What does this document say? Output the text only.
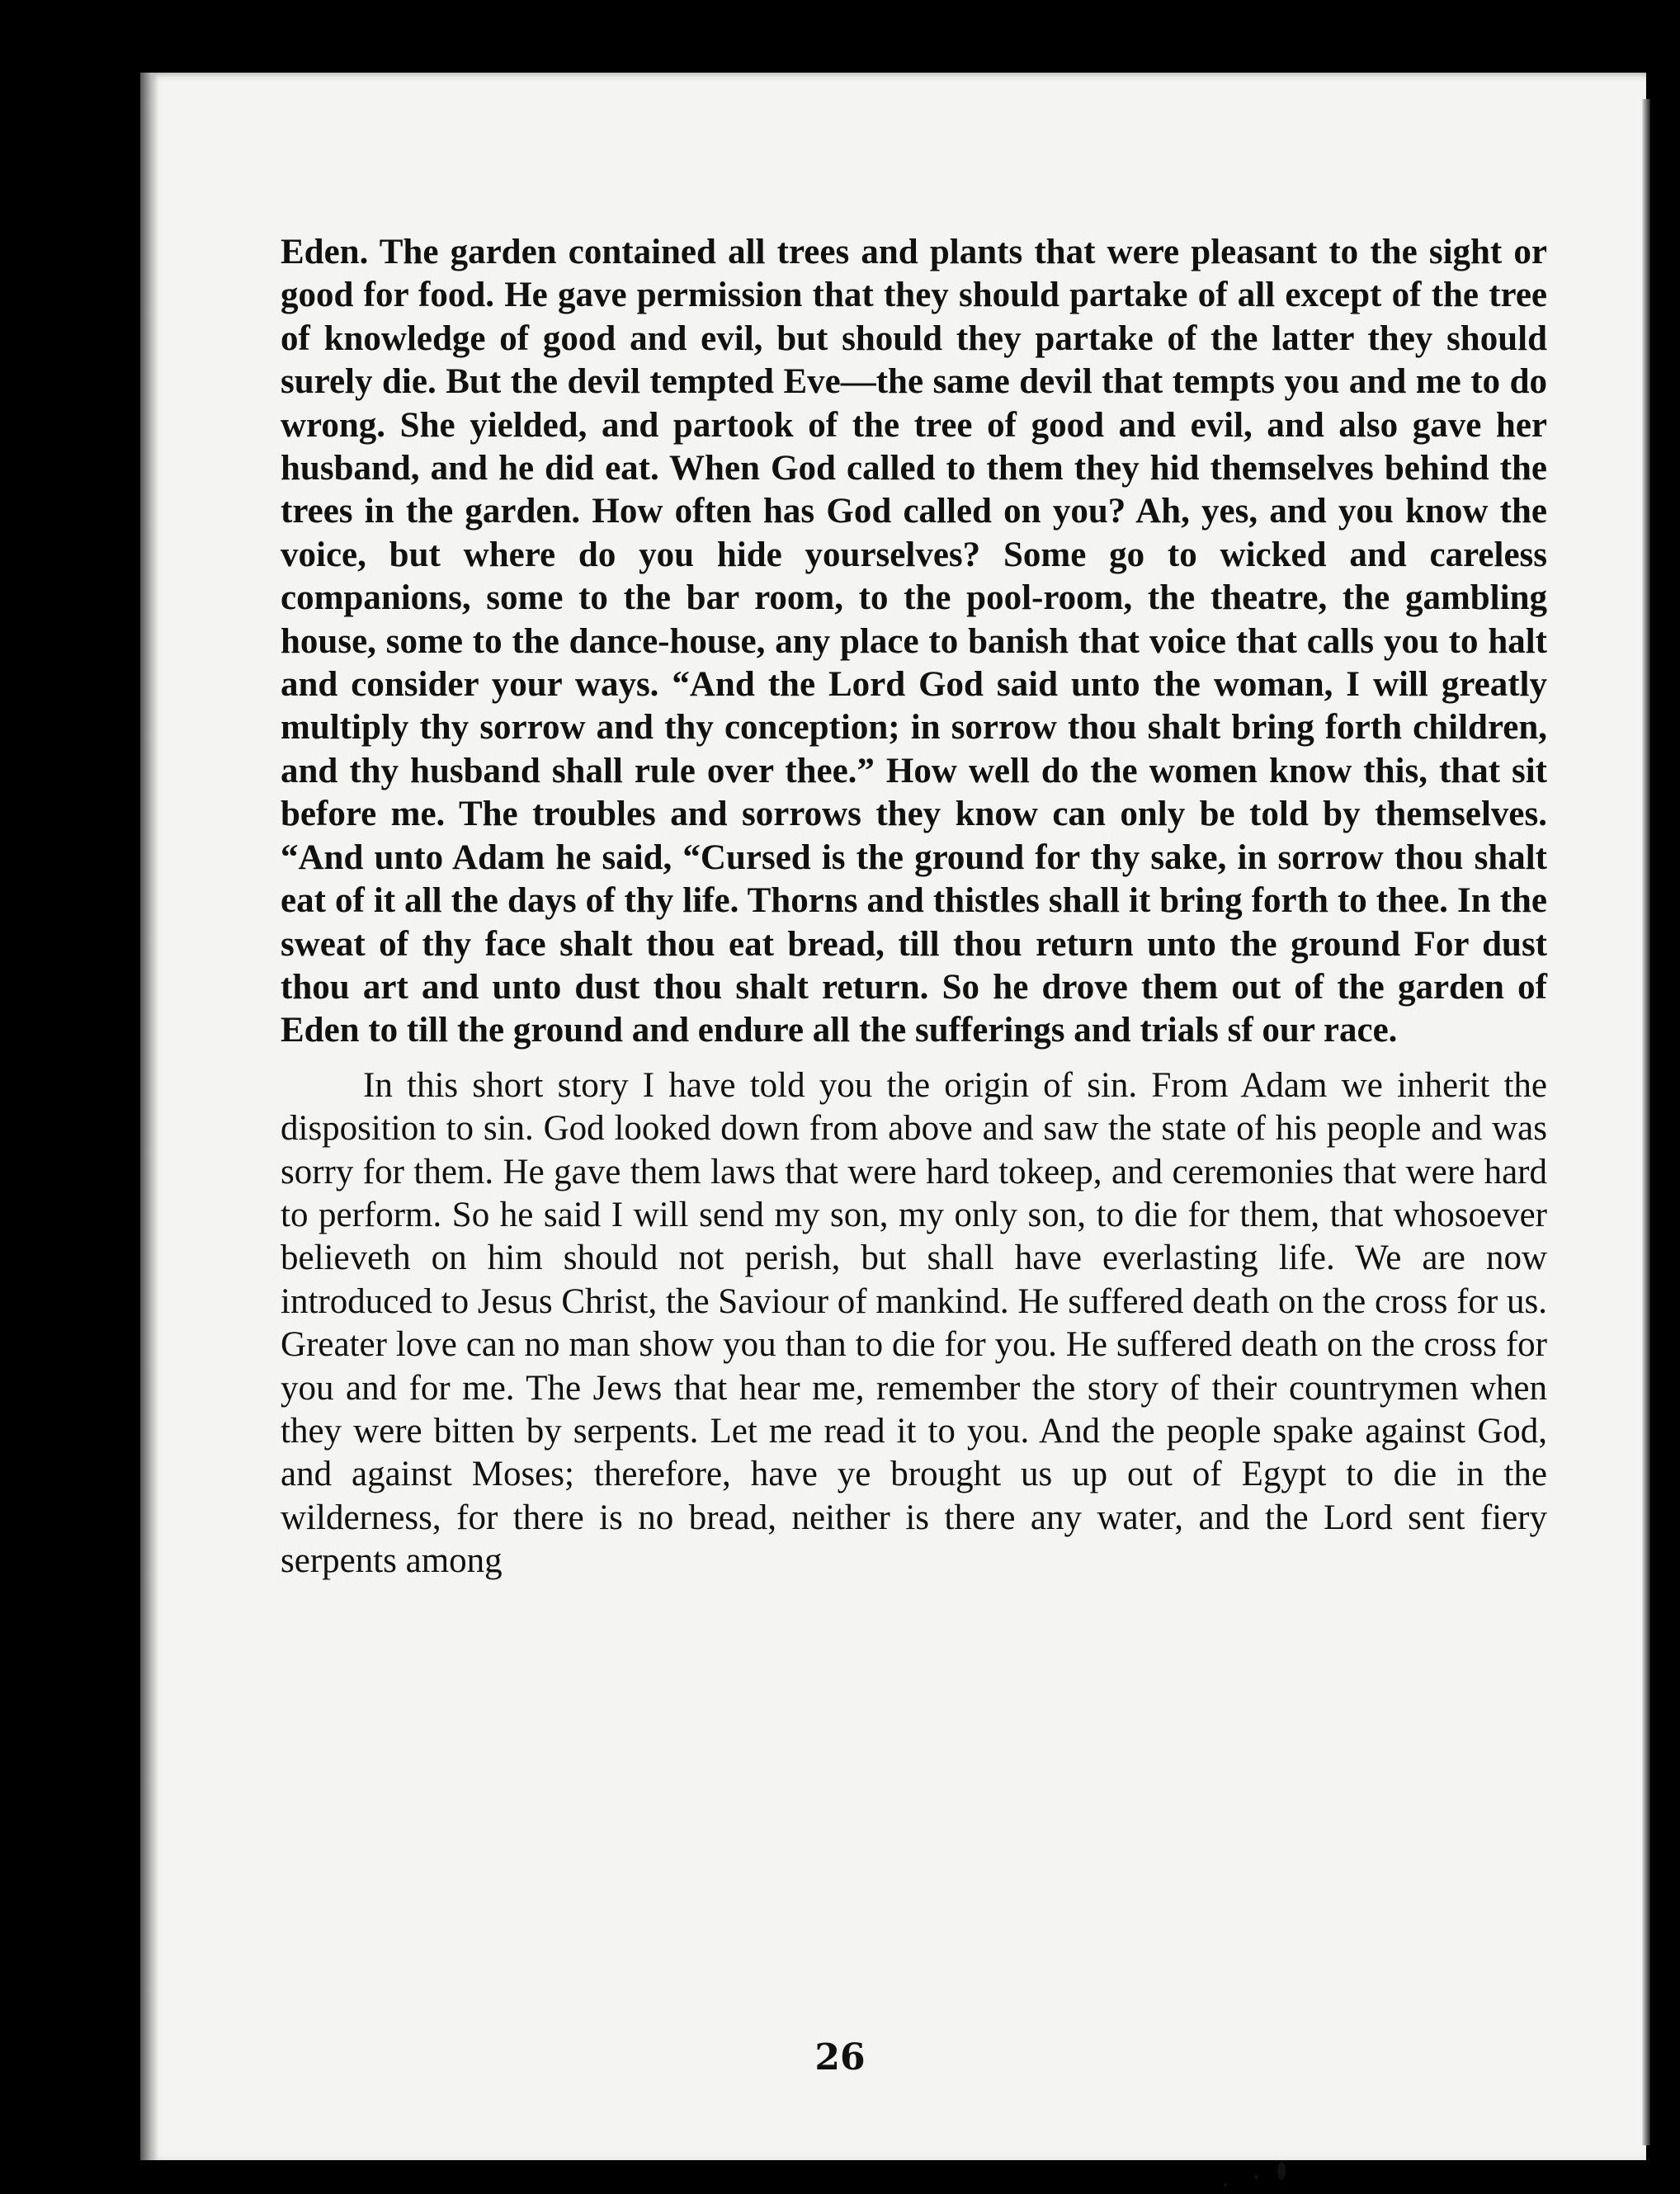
Eden. The garden contained all trees and plants that were pleasant to the sight or good for food. He gave permission that they should partake of all except of the tree of knowledge of good and evil, but should they partake of the latter they should surely die. But the devil tempted Eve—the same devil that tempts you and me to do wrong. She yielded, and partook of the tree of good and evil, and also gave her husband, and he did eat. When God called to them they hid themselves behind the trees in the garden. How often has God called on you? Ah, yes, and you know the voice, but where do you hide yourselves? Some go to wicked and careless companions, some to the bar room, to the pool-room, the theatre, the gambling house, some to the dance-house, any place to banish that voice that calls you to halt and consider your ways. “And the Lord God said unto the woman, I will greatly multiply thy sorrow and thy conception; in sorrow thou shalt bring forth children, and thy husband shall rule over thee.” How well do the women know this, that sit before me. The troubles and sorrows they know can only be told by themselves. “And unto Adam he said, “Cursed is the ground for thy sake, in sorrow thou shalt eat of it all the days of thy life. Thorns and thistles shall it bring forth to thee. In the sweat of thy face shalt thou eat bread, till thou return unto the ground For dust thou art and unto dust thou shalt return. So he drove them out of the garden of Eden to till the ground and endure all the sufferings and trials sf our race.

In this short story I have told you the origin of sin. From Adam we inherit the disposition to sin. God looked down from above and saw the state of his people and was sorry for them. He gave them laws that were hard tokeep, and ceremonies that were hard to perform. So he said I will send my son, my only son, to die for them, that whosoever believeth on him should not perish, but shall have everlasting life. We are now introduced to Jesus Christ, the Saviour of mankind. He suffered death on the cross for us. Greater love can no man show you than to die for you. He suffered death on the cross for you and for me. The Jews that hear me, remember the story of their countrymen when they were bitten by serpents. Let me read it to you. And the people spake against God, and against Moses; therefore, have ye brought us up out of Egypt to die in the wilderness, for there is no bread, neither is there any water, and the Lord sent fiery serpents among

26
